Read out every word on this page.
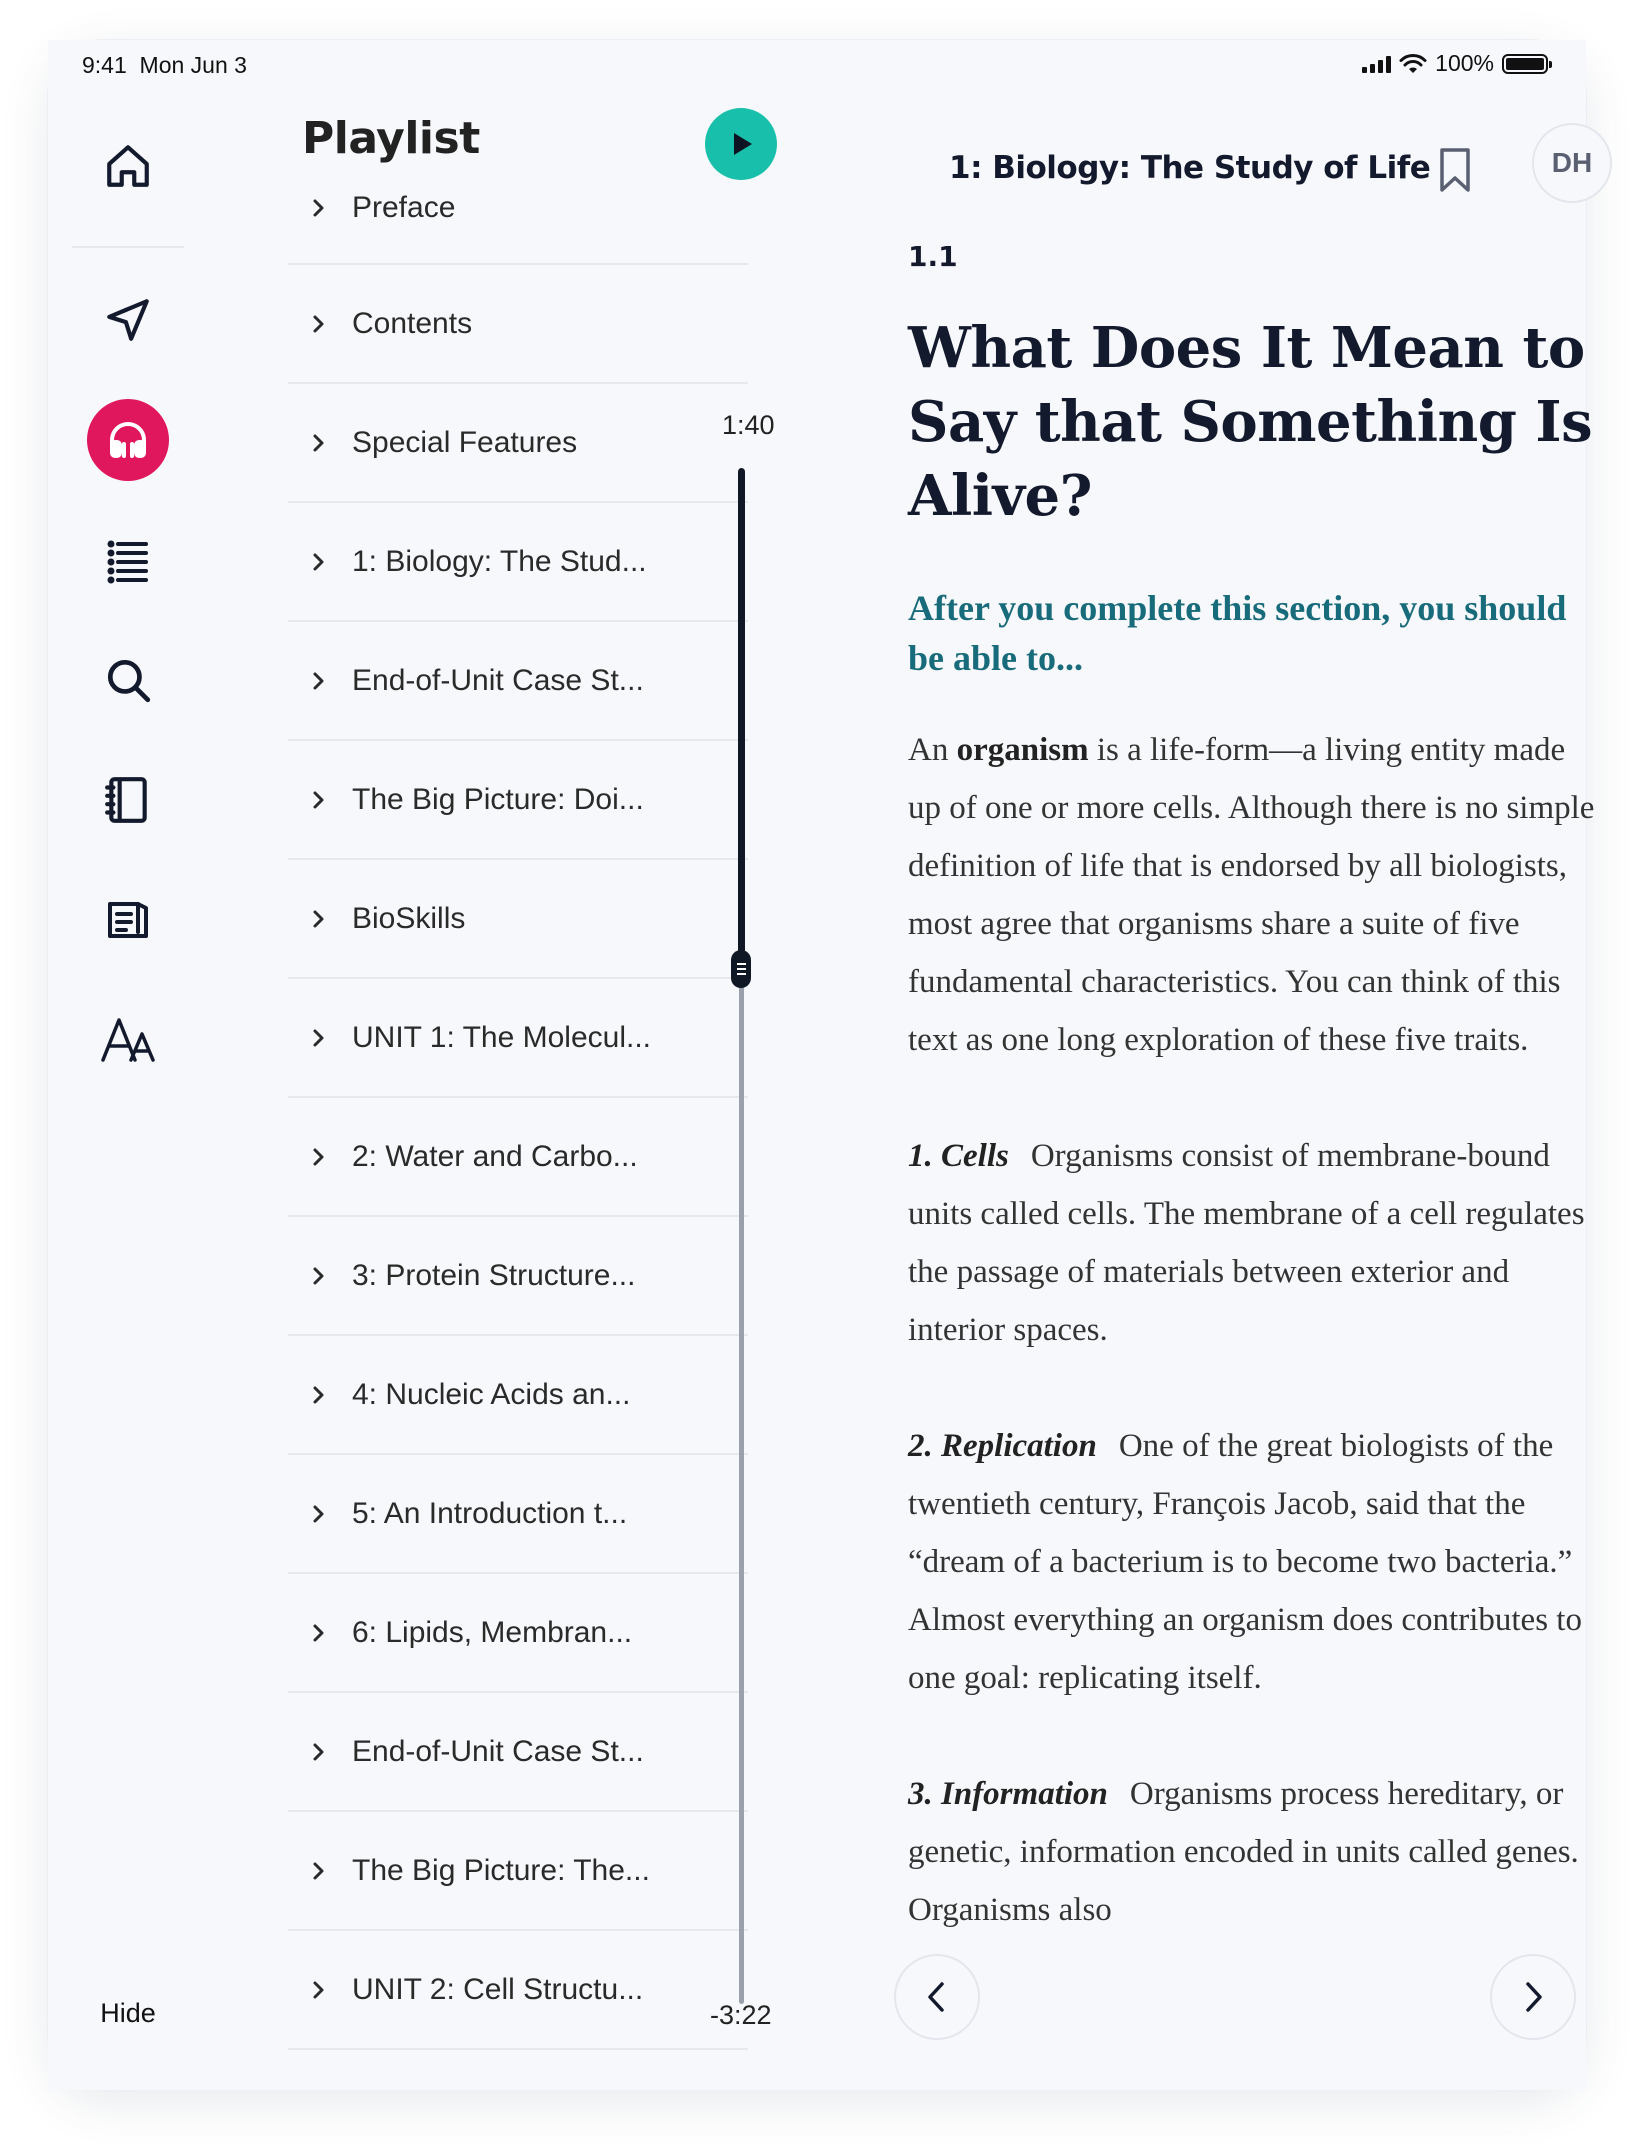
9:41 Mon Jun 3	100%
Hide
Playlist
Preface
Contents
Special Features
1: Biology: The Stud...
End-of-Unit Case St...
The Big Picture: Doi...
BioSkills
UNIT 1: The Molecul...
2: Water and Carbo...
3: Protein Structure...
4: Nucleic Acids an...
5: An Introduction t...
6: Lipids, Membran...
End-of-Unit Case St...
The Big Picture: The...
UNIT 2: Cell Structu...
1:40
-3:22
1: Biology: The Study of Life	DH
1.1
What Does It Mean to Say that Something Is Alive?
After you complete this section, you should be able to...

An organism is a life-form—a living entity made up of one or more cells. Although there is no simple definition of life that is endorsed by all biologists, most agree that organisms share a suite of five fundamental characteristics. You can think of this text as one long exploration of these five traits.

1. Cells Organisms consist of membrane-bound units called cells. The membrane of a cell regulates the passage of materials between exterior and interior spaces.

2. Replication One of the great biologists of the twentieth century, François Jacob, said that the “dream of a bacterium is to become two bacteria.” Almost everything an organism does contributes to one goal: replicating itself.

3. Information Organisms process hereditary, or genetic, information encoded in units called genes. Organisms also
